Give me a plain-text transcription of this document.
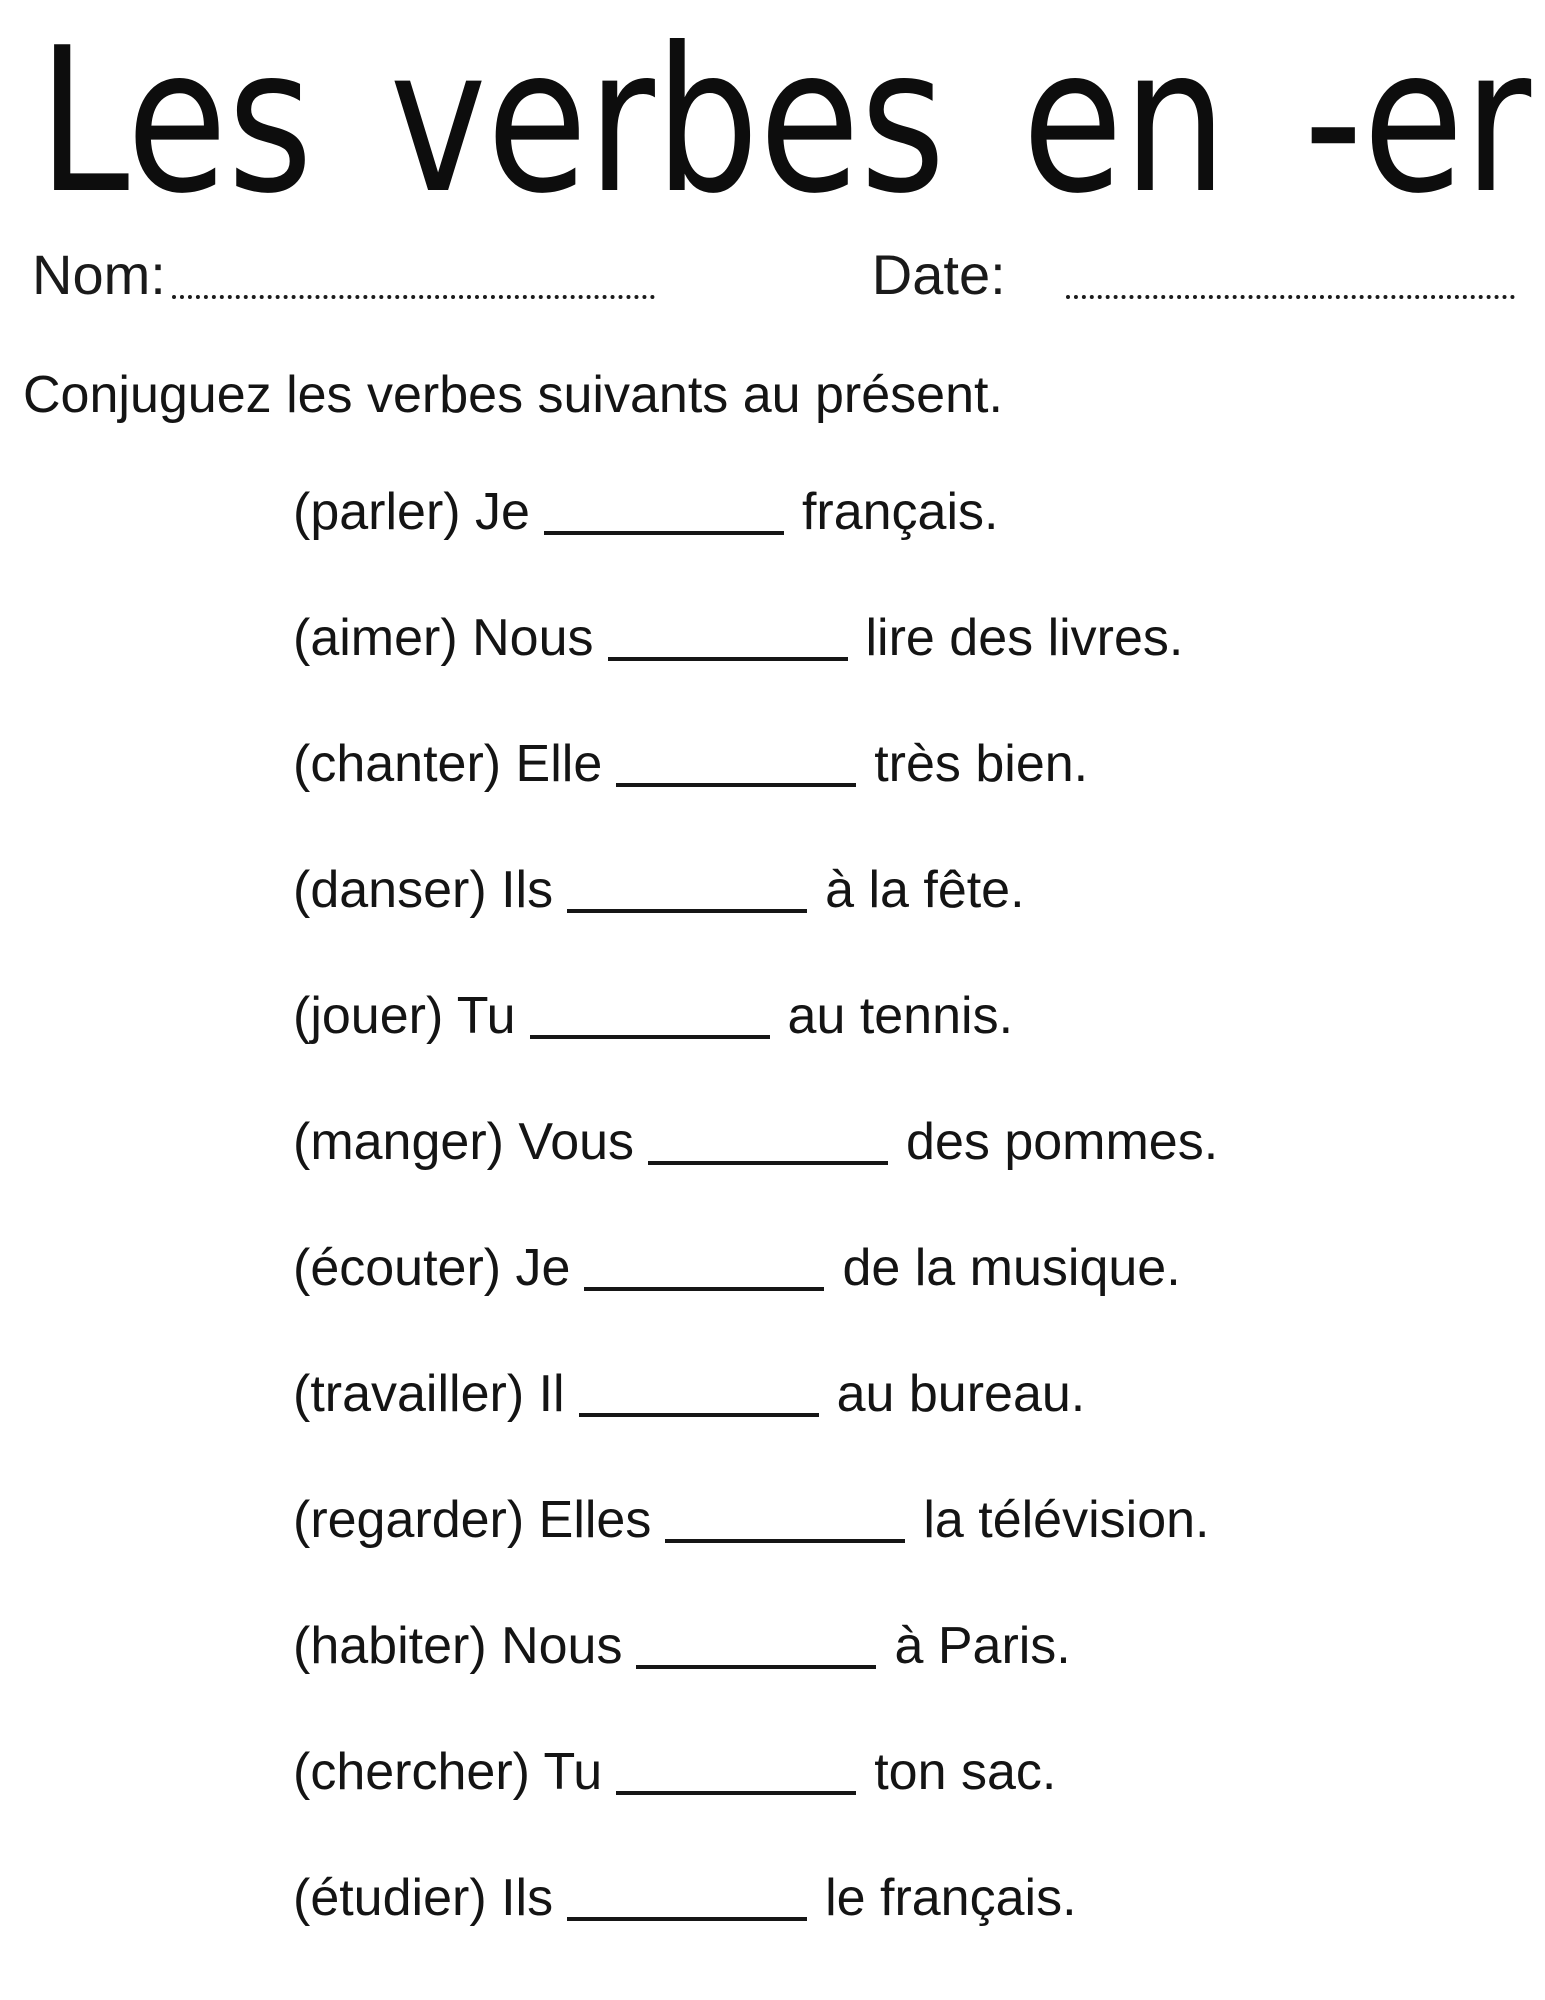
Les verbes en -er
Nom:	Date:
Conjuguez les verbes suivants au présent.
(parler) Je	français.
(aimer) Nous	lire des livres.
(chanter) Elle	très bien.
(danser) Ils	à la fête.
(jouer) Tu	au tennis.
(manger) Vous	des pommes.
(écouter) Je	de la musique.
(travailler) Il	au bureau.
(regarder) Elles	la télévision.
(habiter) Nous	à Paris.
(chercher) Tu	ton sac.
(étudier) Ils	le français.
